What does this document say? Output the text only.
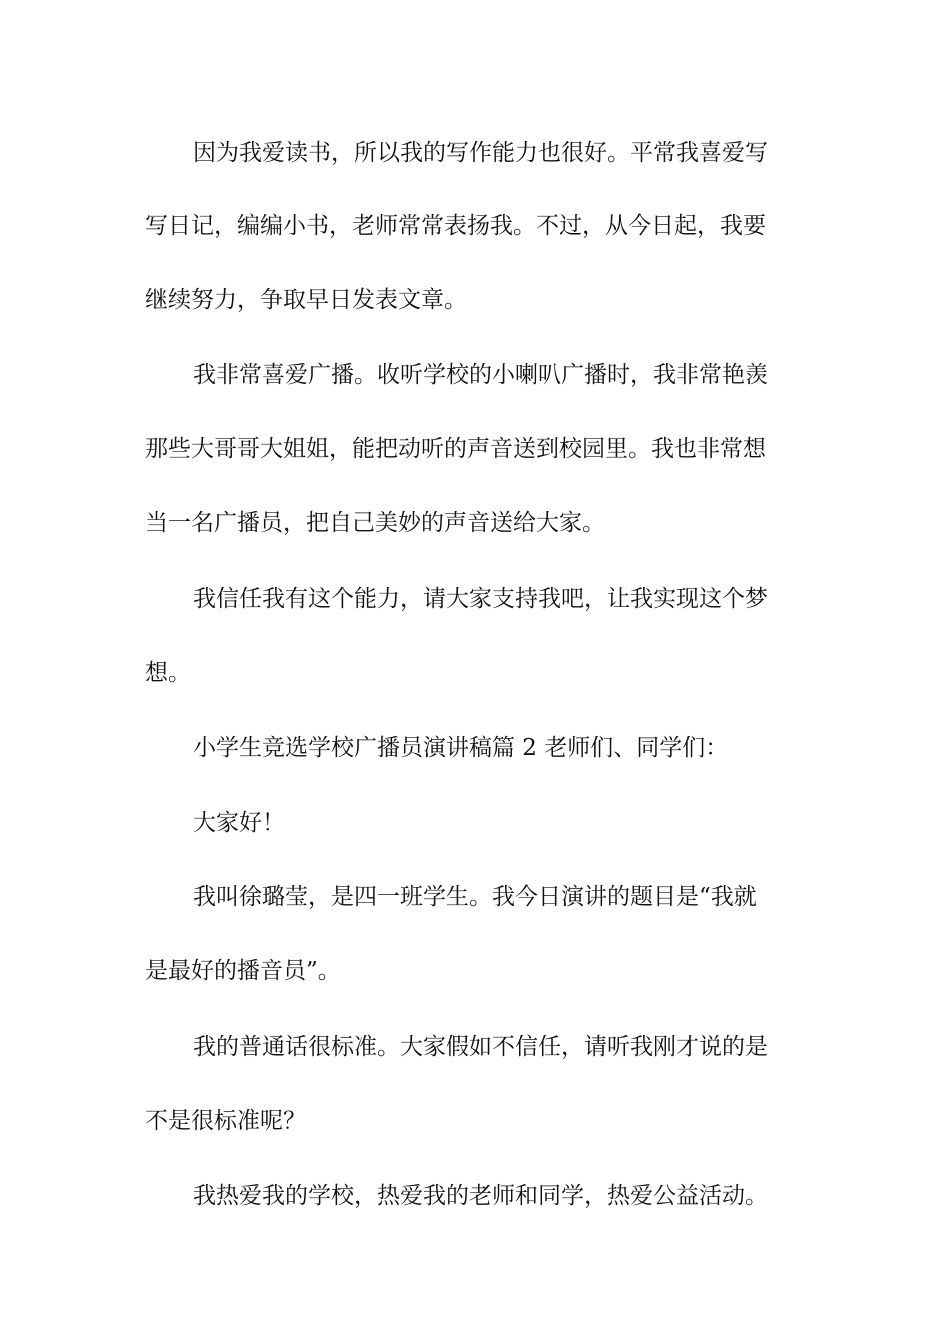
因为我爱读书，所以我的写作能力也很好。平常我喜爱写
写日记，编编小书，老师常常表扬我。不过，从今日起，我要
继续努力，争取早日发表文章。
我非常喜爱广播。收听学校的小喇叭广播时，我非常艳羡
那些大哥哥大姐姐，能把动听的声音送到校园里。我也非常想
当一名广播员，把自己美妙的声音送给大家。
我信任我有这个能力，请大家支持我吧，让我实现这个梦
想。
小学生竞选学校广播员演讲稿篇 2 老师们、同学们：
大家好！
我叫徐璐莹，是四一班学生。我今日演讲的题目是“我就
是最好的播音员”。
我的普通话很标准。大家假如不信任，请听我刚才说的是
不是很标准呢？
我热爱我的学校，热爱我的老师和同学，热爱公益活动。
